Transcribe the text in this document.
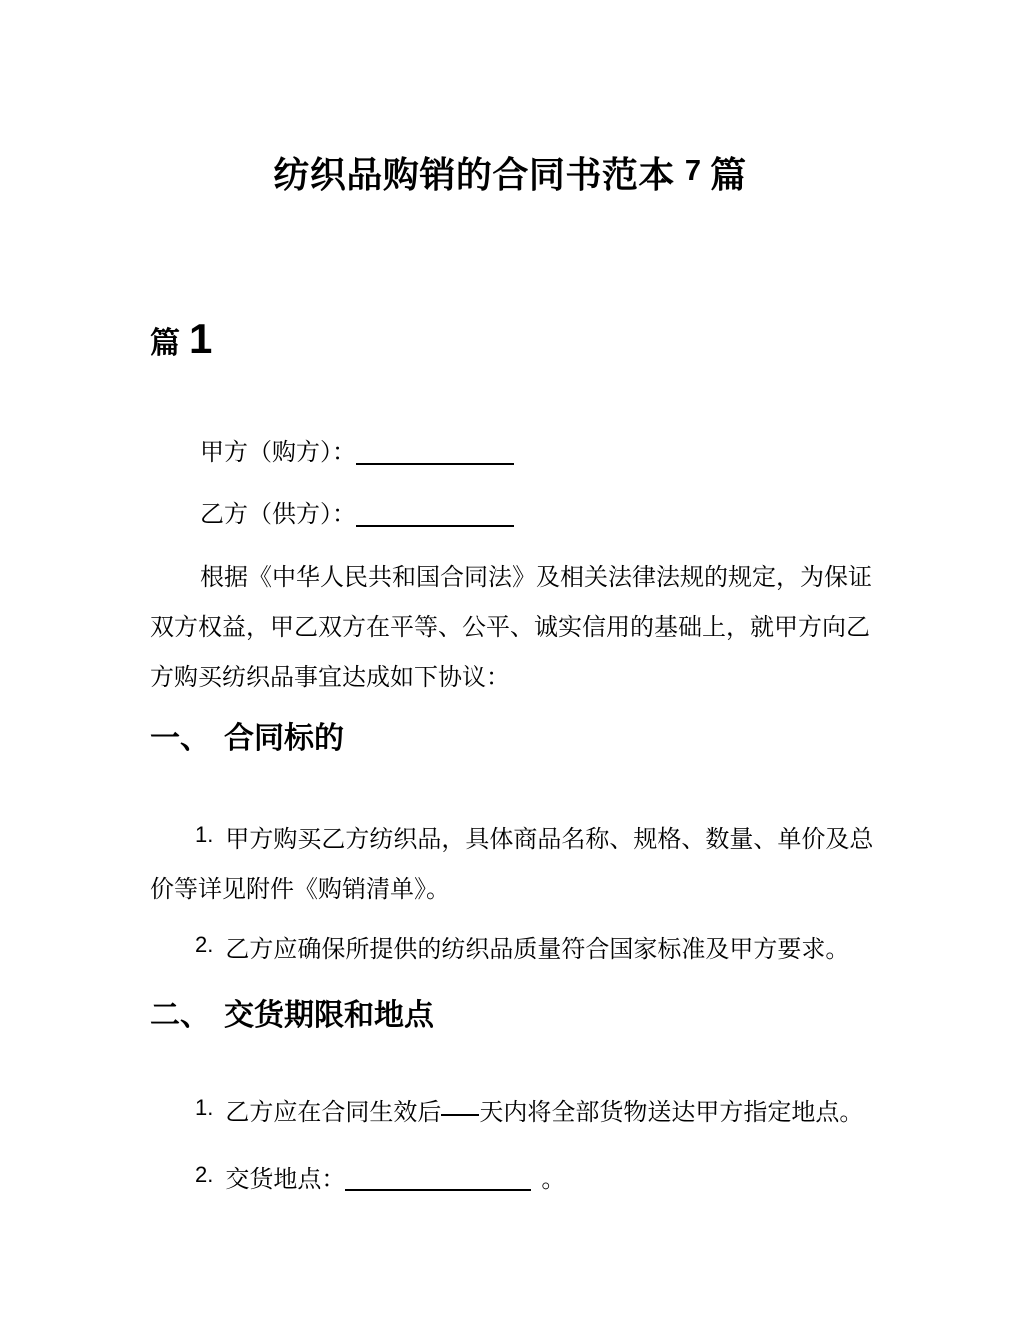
纺织品购销的合同书范本 7 篇
篇 1
甲方（购方）：
乙方（供方）：
根据《中华人民共和国合同法》及相关法律法规的规定，为保证
双方权益，甲乙双方在平等、公平、诚实信用的基础上，就甲方向乙
方购买纺织品事宜达成如下协议：
一、 合同标的
1. 甲方购买乙方纺织品，具体商品名称、规格、数量、单价及总
价等详见附件《购销清单》。
2. 乙方应确保所提供的纺织品质量符合国家标准及甲方要求。
二、 交货期限和地点
1. 乙方应在合同生效后 天内将全部货物送达甲方指定地点。
2. 交货地点：	。
